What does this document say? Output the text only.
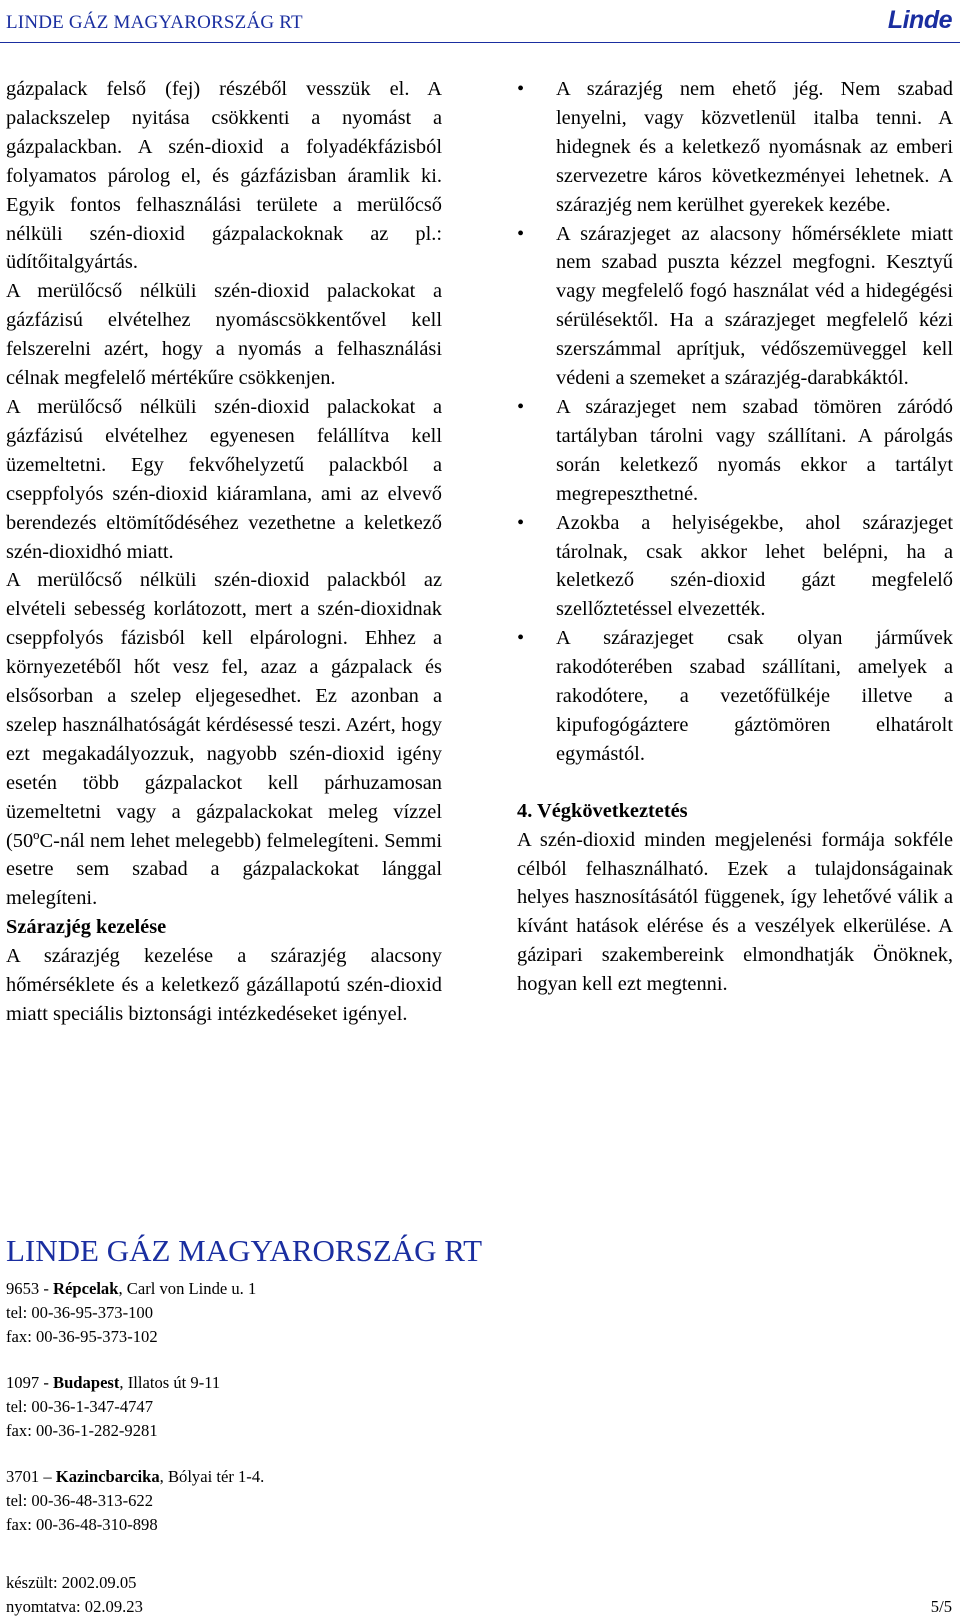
LINDE GÁZ MAGYARORSZÁG RT	Linde

gázpalack felső (fej) részéből vesszük el. A palackszelep nyitása csökkenti a nyomást a gázpalackban. A szén-dioxid a folyadékfázisból folyamatos párolog el, és gázfázisban áramlik ki. Egyik fontos felhasználási területe a merülőcső nélküli szén-dioxid gázpalackoknak az pl.: üdítőitalgyártás.

A merülőcső nélküli szén-dioxid palackokat a gázfázisú elvételhez nyomáscsökkentővel kell felszerelni azért, hogy a nyomás a felhasználási célnak megfelelő mértékűre csökkenjen.

A merülőcső nélküli szén-dioxid palackokat a gázfázisú elvételhez egyenesen felállítva kell üzemeltetni. Egy fekvőhelyzetű palackból a cseppfolyós szén-dioxid kiáramlana, ami az elvevő berendezés eltömítődéséhez vezethetne a keletkező szén-dioxidhó miatt.

A merülőcső nélküli szén-dioxid palackból az elvételi sebesség korlátozott, mert a szén-dioxidnak cseppfolyós fázisból kell elpárologni. Ehhez a környezetéből hőt vesz fel, azaz a gázpalack és elsősorban a szelep eljegesedhet. Ez azonban a szelep használhatóságát kérdésessé teszi. Azért, hogy ezt megakadályozzuk, nagyobb szén-dioxid igény esetén több gázpalackot kell párhuzamosan üzemeltetni vagy a gázpalackokat meleg vízzel (50ºC-nál nem lehet melegebb) felmelegíteni. Semmi esetre sem szabad a gázpalackokat lánggal melegíteni.

Szárazjég kezelése

A szárazjég kezelése a szárazjég alacsony hőmérséklete és a keletkező gázállapotú szén-dioxid miatt speciális biztonsági intézkedéseket igényel.

•	A szárazjég nem ehető jég. Nem szabad lenyelni, vagy közvetlenül italba tenni. A hidegnek és a keletkező nyomásnak az emberi szervezetre káros következményei lehetnek. A szárazjég nem kerülhet gyerekek kezébe.
•	A szárazjeget az alacsony hőmérséklete miatt nem szabad puszta kézzel megfogni. Kesztyű vagy megfelelő fogó használat véd a hidegégési sérülésektől. Ha a szárazjeget megfelelő kézi szerszámmal aprítjuk, védőszemüveggel kell védeni a szemeket a szárazjég-darabkáktól.
•	A szárazjeget nem szabad tömören záródó tartályban tárolni vagy szállítani. A párolgás során keletkező nyomás ekkor a tartályt megrepeszthetné.
•	Azokba a helyiségekbe, ahol szárazjeget tárolnak, csak akkor lehet belépni, ha a keletkező szén-dioxid gázt megfelelő szellőztetéssel elvezették.
•	A szárazjeget csak olyan járművek rakodóterében szabad szállítani, amelyek a rakodótere, a vezetőfülkéje illetve a kipufogógáztere gáztömören elhatárolt egymástól.
4. Végkövetkeztetés

A szén-dioxid minden megjelenési formája sokféle célból felhasználható. Ezek a tulajdonságainak helyes hasznosításától függenek, így lehetővé válik a kívánt hatások elérése és a veszélyek elkerülése. A gázipari szakembereink elmondhatják Önöknek, hogyan kell ezt megtenni.

LINDE GÁZ MAGYARORSZÁG RT
9653 - Répcelak, Carl von Linde u. 1
tel: 00-36-95-373-100
fax: 00-36-95-373-102
1097 - Budapest, Illatos út 9-11
tel: 00-36-1-347-4747
fax: 00-36-1-282-9281
3701 – Kazincbarcika, Bólyai tér 1-4.
tel: 00-36-48-313-622
fax: 00-36-48-310-898
készült: 2002.09.05
nyomtatva: 02.09.23	5/5
